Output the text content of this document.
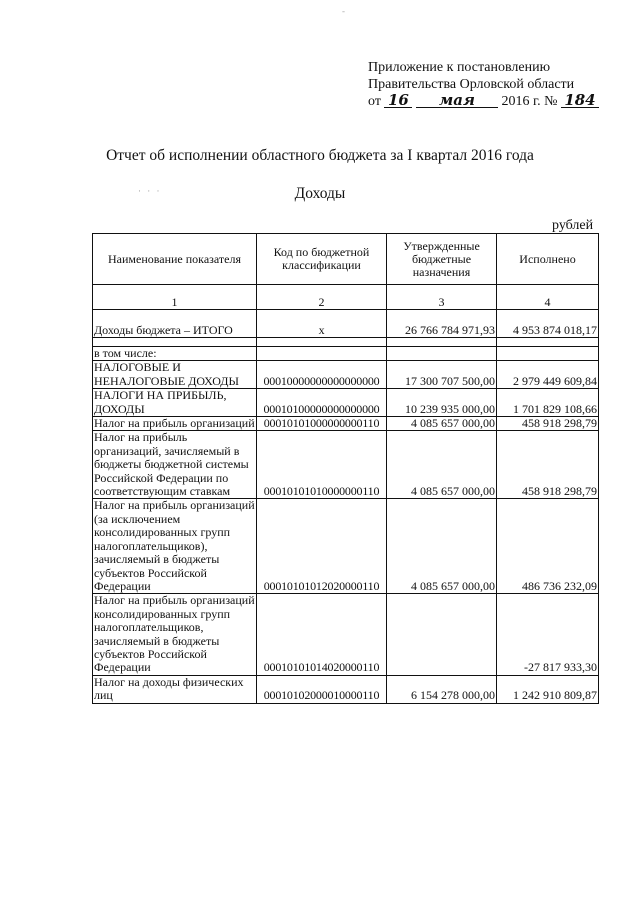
-
Приложение к постановлению
Правительства Орловской области
от 16 мая 2016 г. № 184
Отчет об исполнении областного бюджета за I квартал 2016 года
· · ·	Доходы
рублей
Наименование показателя	Код по бюджетной классификации	Утвержденные бюджетные назначения	Исполнено
1	2	3	4
Доходы бюджета – ИТОГО	x	26 766 784 971,93	4 953 874 018,17

в том числе:			
НАЛОГОВЫЕ И НЕНАЛОГОВЫЕ ДОХОДЫ	00010000000000000000	17 300 707 500,00	2 979 449 609,84
НАЛОГИ НА ПРИБЫЛЬ, ДОХОДЫ	00010100000000000000	10 239 935 000,00	1 701 829 108,66
Налог на прибыль организаций	00010101000000000110	4 085 657 000,00	458 918 298,79
Налог на прибыль организаций, зачисляемый в бюджеты бюджетной системы Российской Федерации по соответствующим ставкам	00010101010000000110	4 085 657 000,00	458 918 298,79
Налог на прибыль организаций (за исключением консолидированных групп налогоплательщиков), зачисляемый в бюджеты субъектов Российской Федерации	00010101012020000110	4 085 657 000,00	486 736 232,09
Налог на прибыль организаций консолидированных групп налогоплательщиков, зачисляемый в бюджеты субъектов Российской Федерации	00010101014020000110		-27 817 933,30
Налог на доходы физических лиц	00010102000010000110	6 154 278 000,00	1 242 910 809,87
